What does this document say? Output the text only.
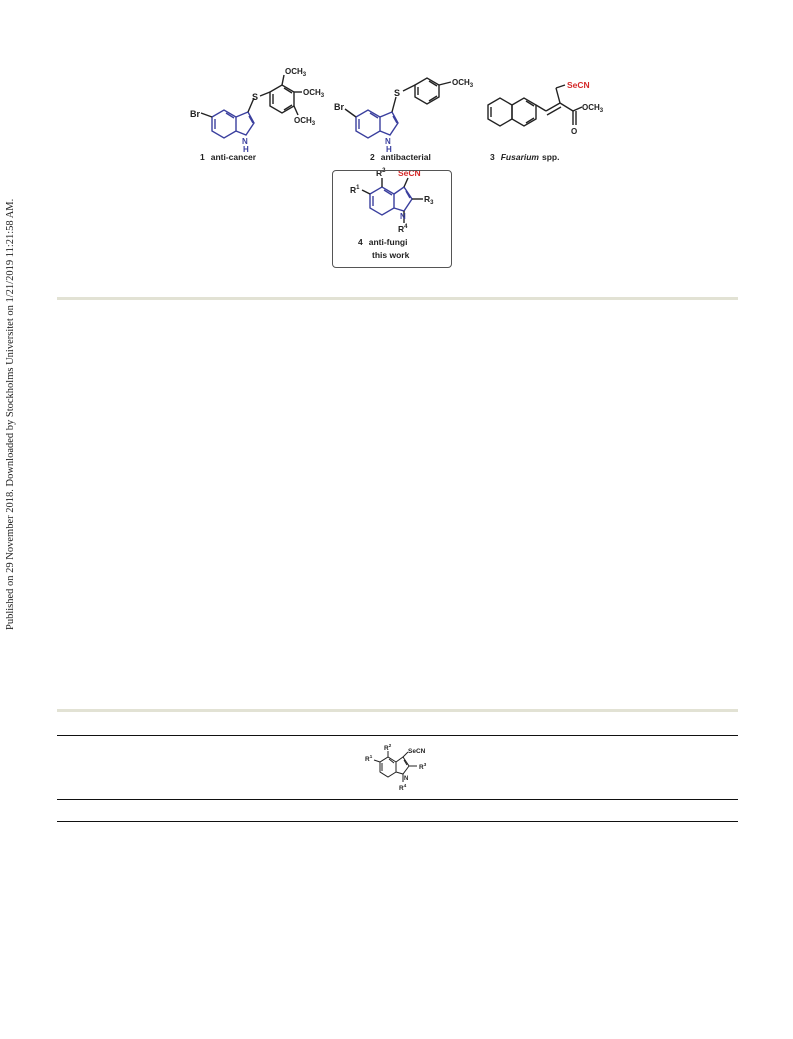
Published on 29 November 2018. Downloaded by Stockholms Universitet on 1/21/2019 11:21:58 AM.
Br
S
N
H
$OCH_3$
$OCH_3$
$OCH_3$
1 anti-cancer
Br
S
N
H
$OCH_3$
2 antibacterial
SeCN
$OCH_3$
O
3 Fusarium spp.
SeCN
$R^2$
$R^1$
$R_3$
N
$R^4$
4 anti-fungi
this work
SeCN
$R^2$
$R^1$
$R^3$
N
$R^4$
